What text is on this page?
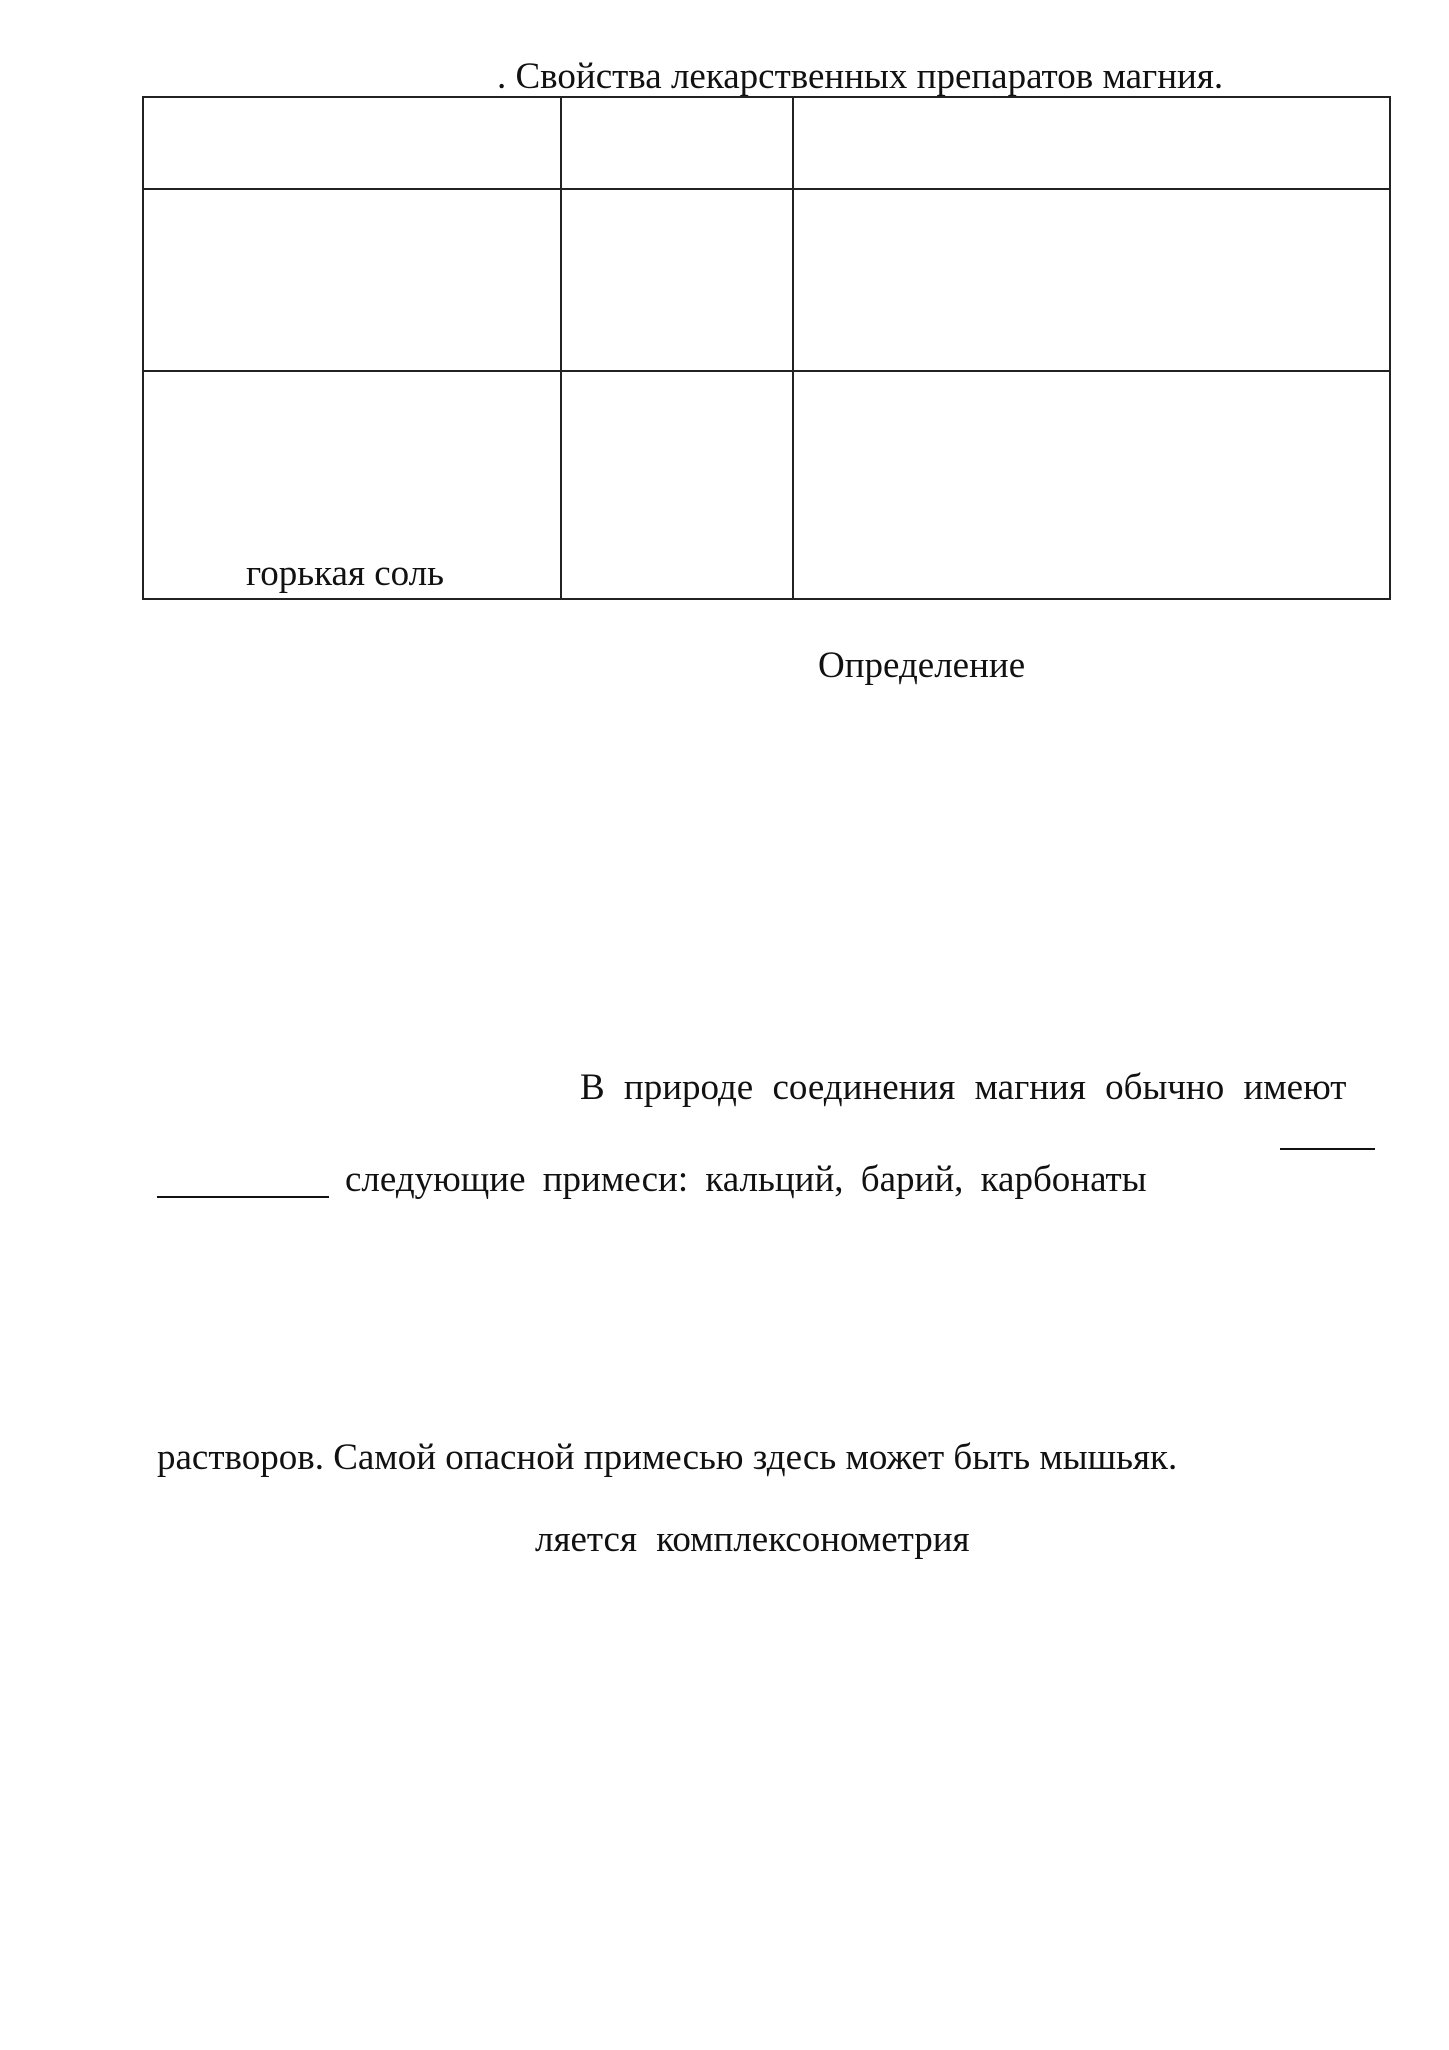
. Свойства лекарственных препаратов магния.

горькая соль		

Определение
В природе соединения магния обычно имеют
следующие примеси: кальций, барий, карбонаты
растворов. Самой опасной примесью здесь может быть мышьяк.
ляется комплексонометрия
